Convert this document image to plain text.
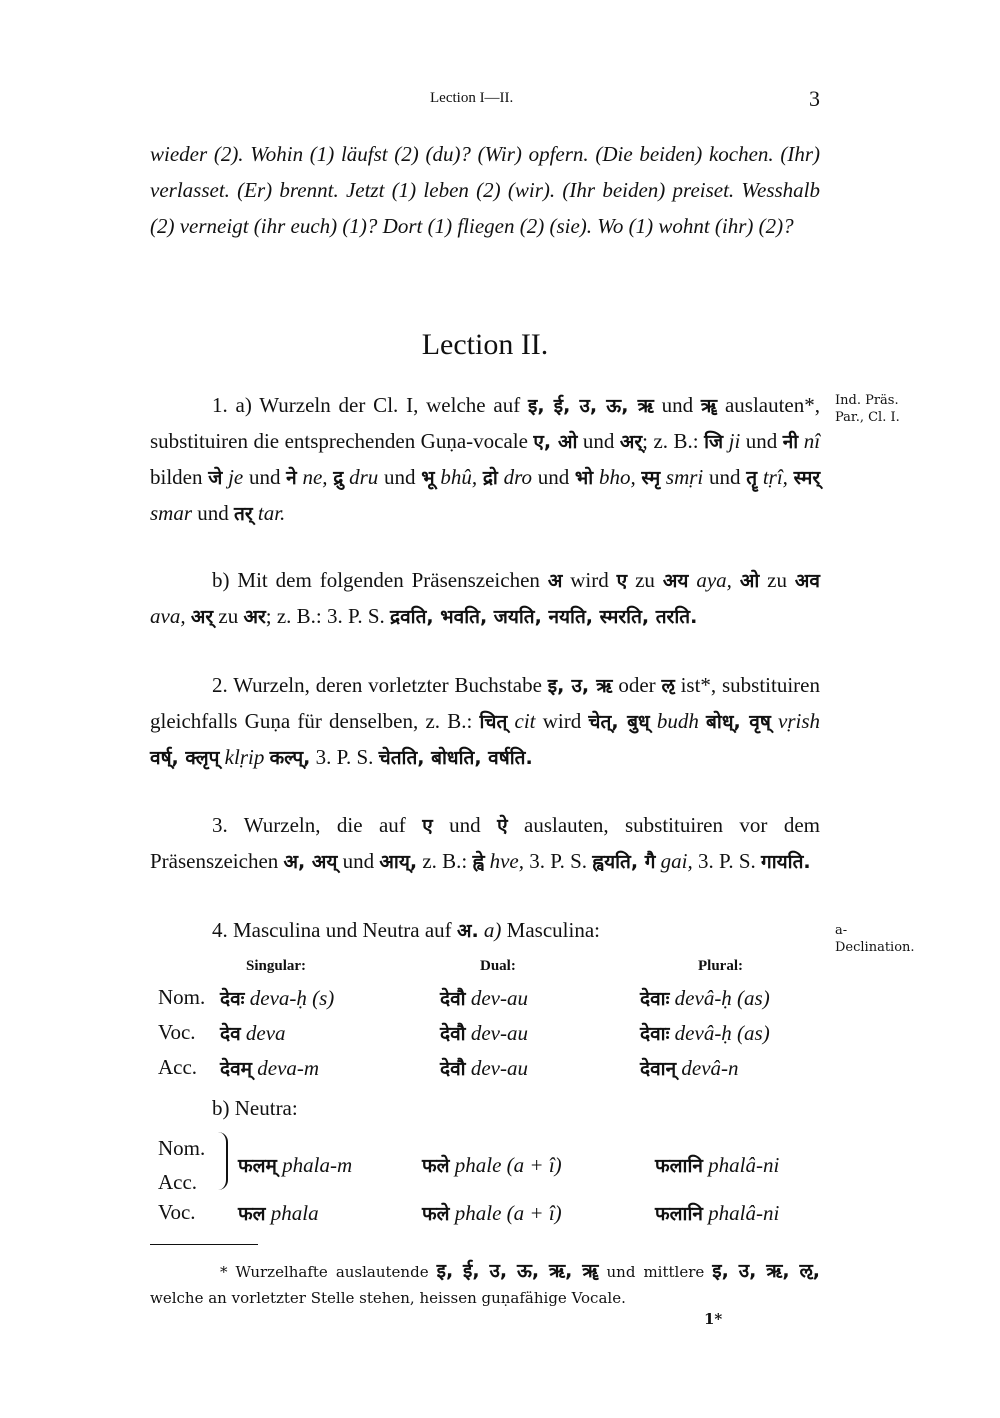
Lection I—II.	3
wieder (2). Wohin (1) läufst (2) (du)? (Wir) opfern. (Die beiden) kochen. (Ihr) verlasset. (Er) brennt. Jetzt (1) leben (2) (wir). (Ihr beiden) preiset. Wesshalb (2) verneigt (ihr euch) (1)? Dort (1) fliegen (2) (sie). Wo (1) wohnt (ihr) (2)?
Lection II.
Ind. Präs. Par., Cl. I.
a-Declination.
1. a) Wurzeln der Cl. I, welche auf इ, ई, उ, ऊ, ऋ und ॠ auslauten*, substituiren die entsprechenden Guṇa-vocale ए, ओ und अर्; z. B.: जि ji und नी nî bilden जे je und ने ne, द्रु dru und भू bhû, द्रो dro und भो bho, स्मृ smṛi und तॄ tṛî, स्मर् smar und तर् tar.
b) Mit dem folgenden Präsenszeichen अ wird ए zu अय aya, ओ zu अव ava, अर् zu अर; z. B.: 3. P. S. द्रवति, भवति, जयति, नयति, स्मरति, तरति.
2. Wurzeln, deren vorletzter Buchstabe इ, उ, ऋ oder ऌ ist*, substituiren gleichfalls Guṇa für denselben, z. B.: चित् cit wird चेत्, बुध् budh बोध्, वृष् vṛish वर्ष्, क्लृप् klṛip कल्प्, 3. P. S. चेतति, बोधति, वर्षति.
3. Wurzeln, die auf ए und ऐ auslauten, substituiren vor dem Präsenszeichen अ, अय् und आय्, z. B.: ह्वे hve, 3. P. S. ह्वयति, गै gai, 3. P. S. गायति.
4. Masculina und Neutra auf अ. a) Masculina:
Singular:	Dual:	Plural:
Nom. देवः deva-ḥ (s)	देवौ dev-au	देवाः devâ-ḥ (as)
Voc. देव deva	देवौ dev-au	देवाः devâ-ḥ (as)
Acc. देवम् deva-m	देवौ dev-au	देवान् devâ-n
b) Neutra:
Nom.
Acc.
फलम् phala-m	फले phale (a + î)	फलानि phalâ-ni
Voc. फल phala	फले phale (a + î)	फलानि phalâ-ni
* Wurzelhafte auslautende इ, ई, उ, ऊ, ऋ, ॠ und mittlere इ, उ, ऋ, ऌ, welche an vorletzter Stelle stehen, heissen guṇafähige Vocale.
1*
